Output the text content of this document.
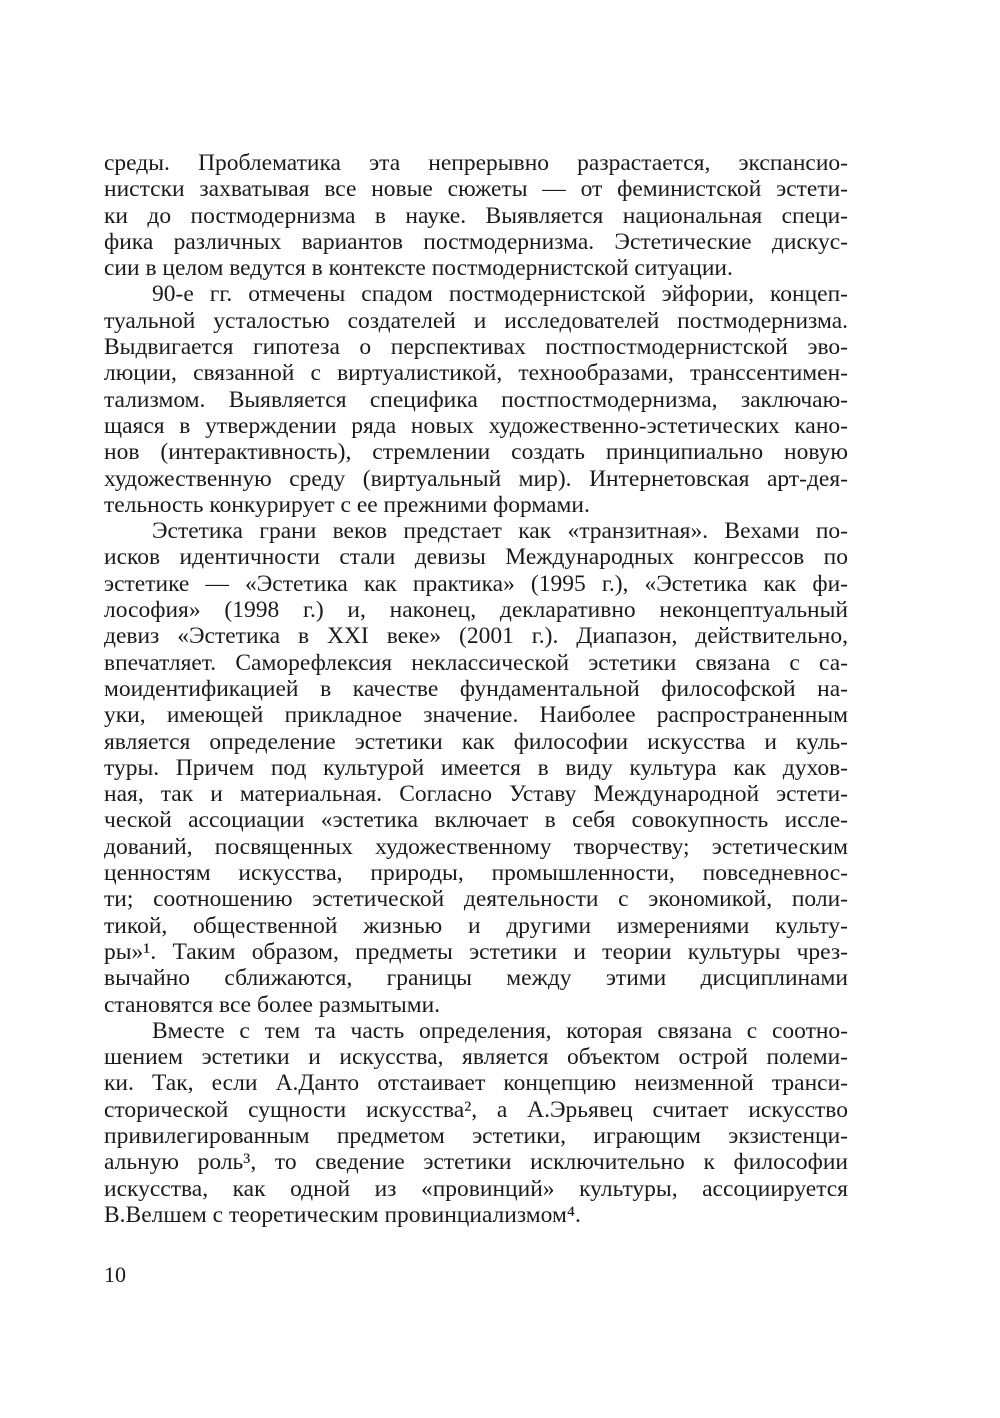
среды. Проблематика эта непрерывно разрастается, экспансио-
нистски захватывая все новые сюжеты — от феминистской эстети-
ки до постмодернизма в науке. Выявляется национальная специ-
фика различных вариантов постмодернизма. Эстетические дискус-
сии в целом ведутся в контексте постмодернистской ситуации.
90-е гг. отмечены спадом постмодернистской эйфории, концеп-
туальной усталостью создателей и исследователей постмодернизма.
Выдвигается гипотеза о перспективах постпостмодернистской эво-
люции, связанной с виртуалистикой, технообразами, транссентимен-
тализмом. Выявляется специфика постпостмодернизма, заключаю-
щаяся в утверждении ряда новых художественно-эстетических кано-
нов (интерактивность), стремлении создать принципиально новую
художественную среду (виртуальный мир). Интернетовская арт-дея-
тельность конкурирует с ее прежними формами.
Эстетика грани веков предстает как «транзитная». Вехами по-
исков идентичности стали девизы Международных конгрессов по
эстетике — «Эстетика как практика» (1995 г.), «Эстетика как фи-
лософия» (1998 г.) и, наконец, декларативно неконцептуальный
девиз «Эстетика в XXI веке» (2001 г.). Диапазон, действительно,
впечатляет. Саморефлексия неклассической эстетики связана с са-
моидентификацией в качестве фундаментальной философской на-
уки, имеющей прикладное значение. Наиболее распространенным
является определение эстетики как философии искусства и куль-
туры. Причем под культурой имеется в виду культура как духов-
ная, так и материальная. Согласно Уставу Международной эстети-
ческой ассоциации «эстетика включает в себя совокупность иссле-
дований, посвященных художественному творчеству; эстетическим
ценностям искусства, природы, промышленности, повседневнос-
ти; соотношению эстетической деятельности с экономикой, поли-
тикой, общественной жизнью и другими измерениями культу-
ры»¹. Таким образом, предметы эстетики и теории культуры чрез-
вычайно сближаются, границы между этими дисциплинами
становятся все более размытыми.
Вместе с тем та часть определения, которая связана с соотно-
шением эстетики и искусства, является объектом острой полеми-
ки. Так, если А.Данто отстаивает концепцию неизменной транси-
сторической сущности искусства², а А.Эрьявец считает искусство
привилегированным предметом эстетики, играющим экзистенци-
альную роль³, то сведение эстетики исключительно к философии
искусства, как одной из «провинций» культуры, ассоциируется
В.Велшем с теоретическим провинциализмом⁴.
10
